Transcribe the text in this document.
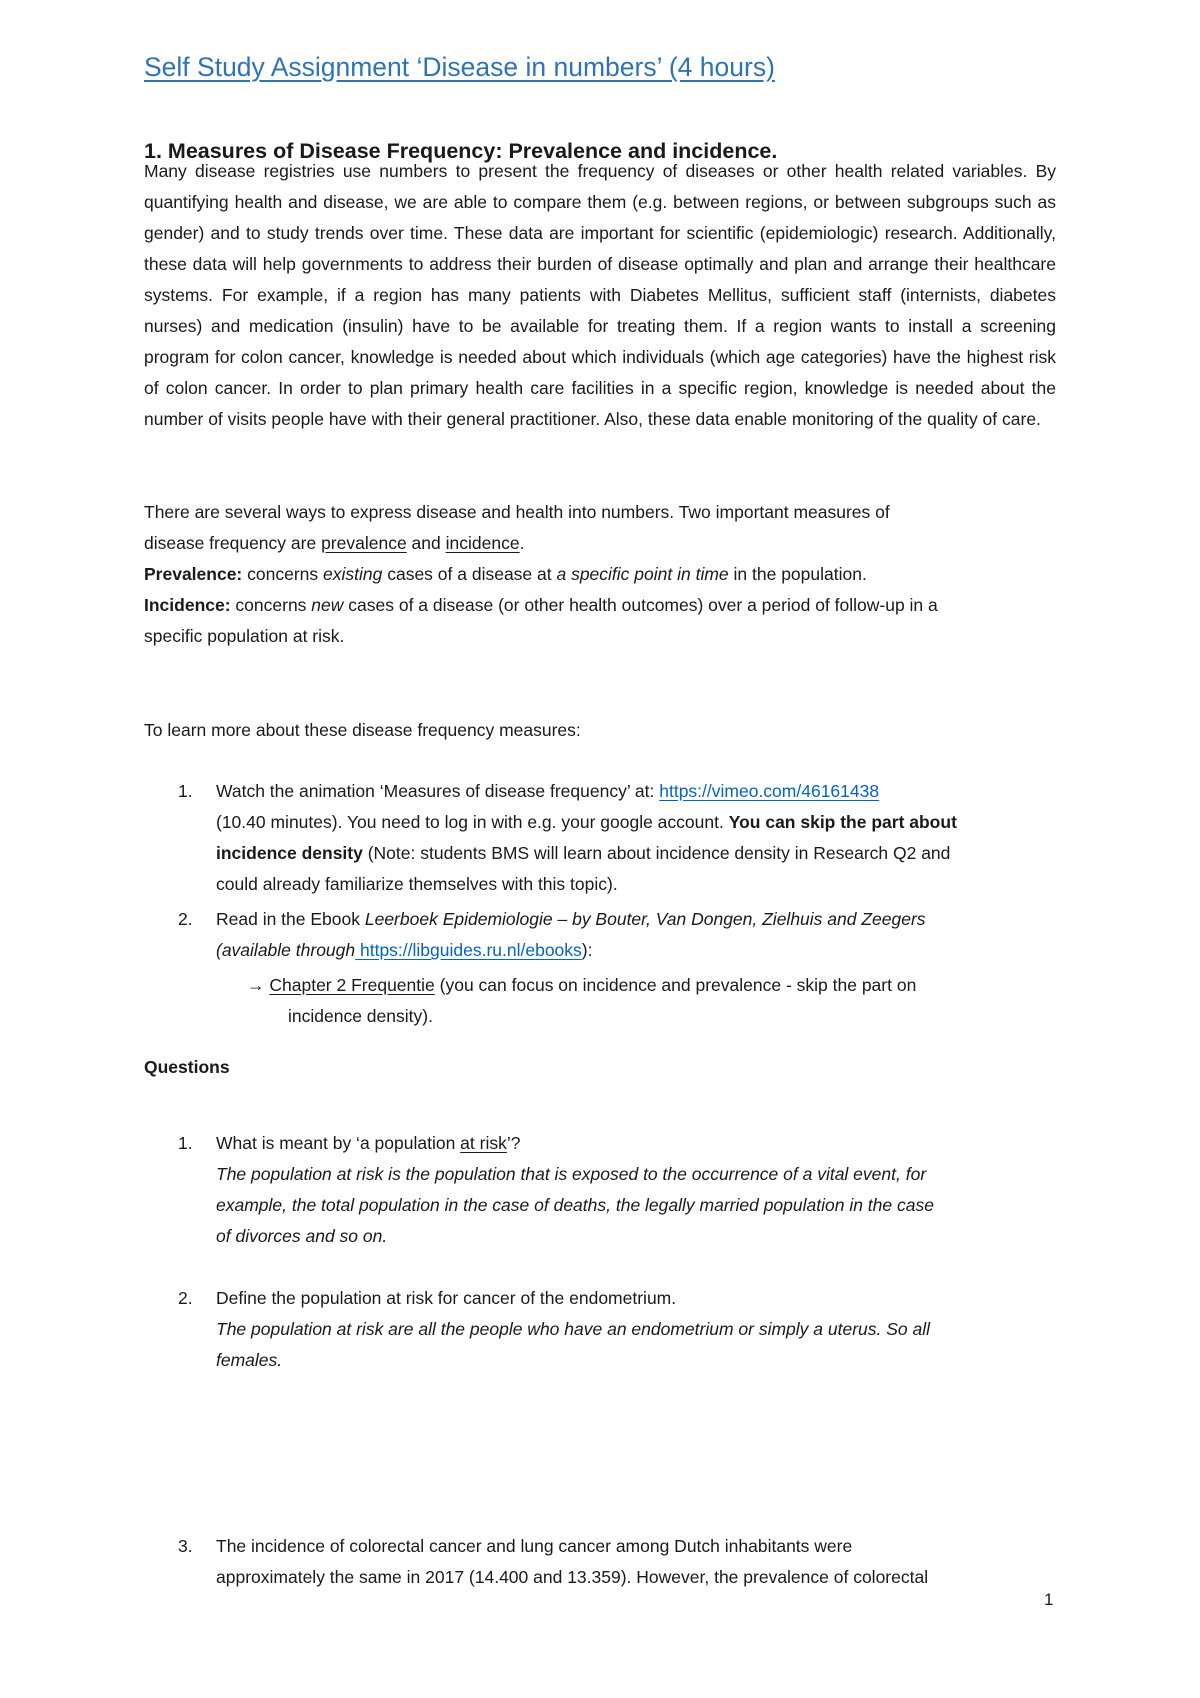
Self Study Assignment ‘Disease in numbers’ (4 hours)
1. Measures of Disease Frequency: Prevalence and incidence.
Many disease registries use numbers to present the frequency of diseases or other health related variables. By quantifying health and disease, we are able to compare them (e.g. between regions, or between subgroups such as gender) and to study trends over time. These data are important for scientific (epidemiologic) research. Additionally, these data will help governments to address their burden of disease optimally and plan and arrange their healthcare systems. For example, if a region has many patients with Diabetes Mellitus, sufficient staff (internists, diabetes nurses) and medication (insulin) have to be available for treating them. If a region wants to install a screening program for colon cancer, knowledge is needed about which individuals (which age categories) have the highest risk of colon cancer. In order to plan primary health care facilities in a specific region, knowledge is needed about the number of visits people have with their general practitioner. Also, these data enable monitoring of the quality of care.
There are several ways to express disease and health into numbers. Two important measures of
disease frequency are prevalence and incidence.
Prevalence: concerns existing cases of a disease at a specific point in time in the population.
Incidence: concerns new cases of a disease (or other health outcomes) over a period of follow-up in a
specific population at risk.
To learn more about these disease frequency measures:
1. Watch the animation ‘Measures of disease frequency’ at: https://vimeo.com/46161438
(10.40 minutes). You need to log in with e.g. your google account. You can skip the part about
incidence density (Note: students BMS will learn about incidence density in Research Q2 and
could already familiarize themselves with this topic).
2. Read in the Ebook Leerboek Epidemiologie – by Bouter, Van Dongen, Zielhuis and Zeegers
(available through https://libguides.ru.nl/ebooks):
→ Chapter 2 Frequentie (you can focus on incidence and prevalence - skip the part on
incidence density).
Questions
1. What is meant by ‘a population at risk’?
The population at risk is the population that is exposed to the occurrence of a vital event, for
example, the total population in the case of deaths, the legally married population in the case
of divorces and so on.
2. Define the population at risk for cancer of the endometrium.
The population at risk are all the people who have an endometrium or simply a uterus. So all
females.
3. The incidence of colorectal cancer and lung cancer among Dutch inhabitants were
approximately the same in 2017 (14.400 and 13.359). However, the prevalence of colorectal
1
